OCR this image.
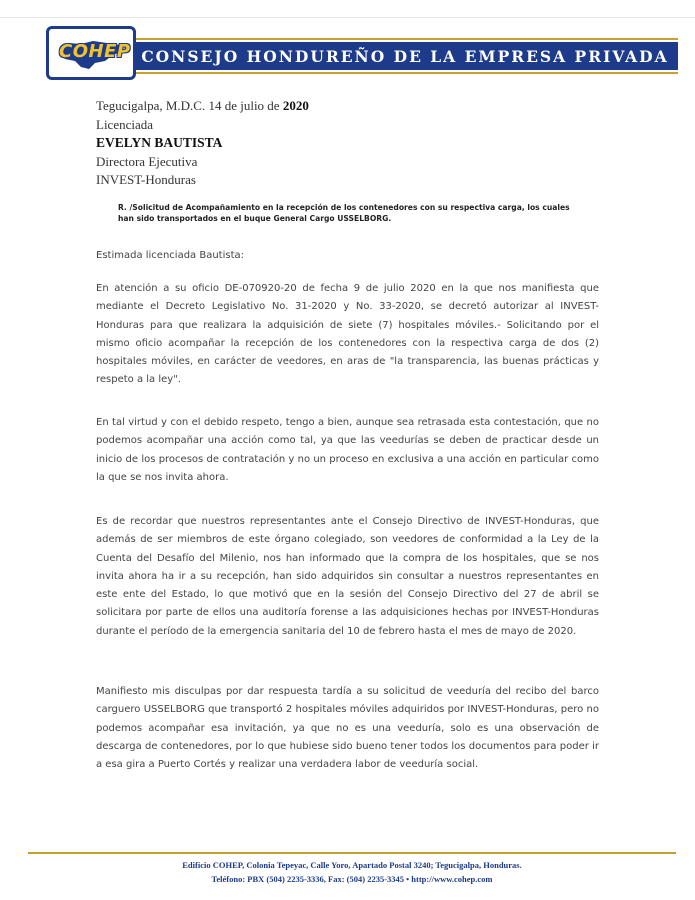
CONSEJO HONDUREÑO DE LA EMPRESA PRIVADA
COHEP
Tegucigalpa, M.D.C. 14 de julio de 2020
Licenciada
EVELYN BAUTISTA
Directora Ejecutiva
INVEST-Honduras
R. /Solicitud de Acompañamiento en la recepción de los contenedores con su respectiva carga, los cuales han sido transportados en el buque General Cargo USSELBORG.
Estimada licenciada Bautista:
En atención a su oficio DE-070920-20 de fecha 9 de julio 2020 en la que nos manifiesta que mediante el Decreto Legislativo No. 31-2020 y No. 33-2020, se decretó autorizar al INVEST-Honduras para que realizara la adquisición de siete (7) hospitales móviles.- Solicitando por el mismo oficio acompañar la recepción de los contenedores con la respectiva carga de dos (2) hospitales móviles, en carácter de veedores, en aras de "la transparencia, las buenas prácticas y respeto a la ley".
En tal virtud y con el debido respeto, tengo a bien, aunque sea retrasada esta contestación, que no podemos acompañar una acción como tal, ya que las veedurías se deben de practicar desde un inicio de los procesos de contratación y no un proceso en exclusiva a una acción en particular como la que se nos invita ahora.
Es de recordar que nuestros representantes ante el Consejo Directivo de INVEST-Honduras, que además de ser miembros de este órgano colegiado, son veedores de conformidad a la Ley de la Cuenta del Desafío del Milenio, nos han informado que la compra de los hospitales, que se nos invita ahora ha ir a su recepción, han sido adquiridos sin consultar a nuestros representantes en este ente del Estado, lo que motivó que en la sesión del Consejo Directivo del 27 de abril se solicitara por parte de ellos una auditoría forense a las adquisiciones hechas por INVEST-Honduras durante el período de la emergencia sanitaria del 10 de febrero hasta el mes de mayo de 2020.
Manifiesto mis disculpas por dar respuesta tardía a su solicitud de veeduría del recibo del barco carguero USSELBORG que transportó 2 hospitales móviles adquiridos por INVEST-Honduras, pero no podemos acompañar esa invitación, ya que no es una veeduría, solo es una observación de descarga de contenedores, por lo que hubiese sido bueno tener todos los documentos para poder ir a esa gira a Puerto Cortés y realizar una verdadera labor de veeduría social.
Edificio COHEP, Colonia Tepeyac, Calle Yoro, Apartado Postal 3240; Tegucigalpa, Honduras.
Teléfono: PBX (504) 2235-3336, Fax: (504) 2235-3345 • http://www.cohep.com
